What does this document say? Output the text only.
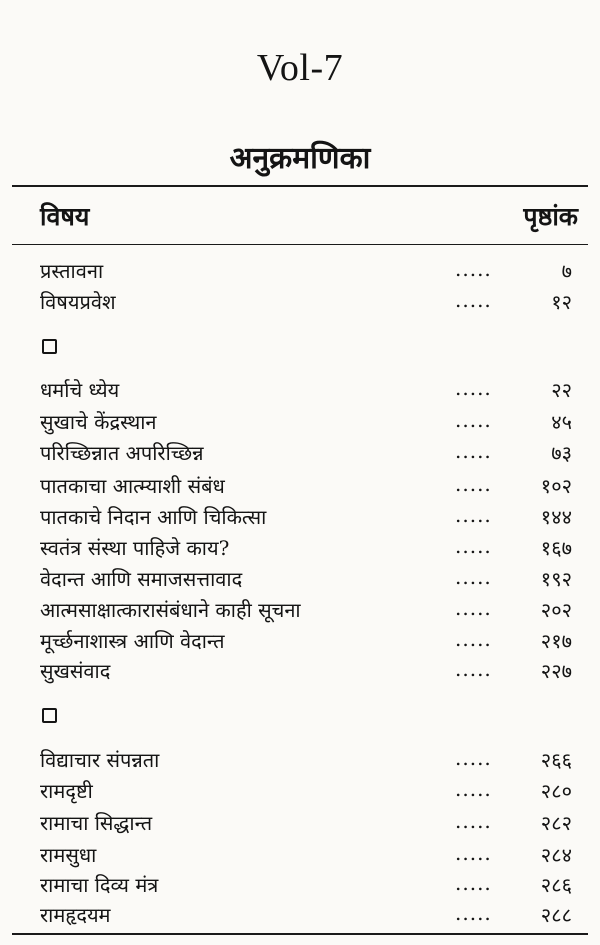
Vol-7
अनुक्रमणिका
विषय	पृष्ठांक
प्रस्तावना	.....	७
विषयप्रवेश	.....	१२
धर्माचे ध्येय	.....	२२
सुखाचे केंद्रस्थान	.....	४५
परिच्छिन्नात अपरिच्छिन्न	.....	७३
पातकाचा आत्म्याशी संबंध	..... १०२
पातकाचे निदान आणि चिकित्सा	..... १४४
स्वतंत्र संस्था पाहिजे काय?	..... १६७
वेदान्त आणि समाजसत्तावाद	..... १९२
आत्मसाक्षात्कारासंबंधाने काही सूचना	..... २०२
मूर्च्छनाशास्त्र आणि वेदान्त	..... २१७
सुखसंवाद	..... २२७
विद्याचार संपन्नता	..... २६६
रामदृष्टी	..... २८०
रामाचा सिद्धान्त	..... २८२
रामसुधा	..... २८४
रामाचा दिव्य मंत्र	..... २८६
रामहृदयम	..... २८८
